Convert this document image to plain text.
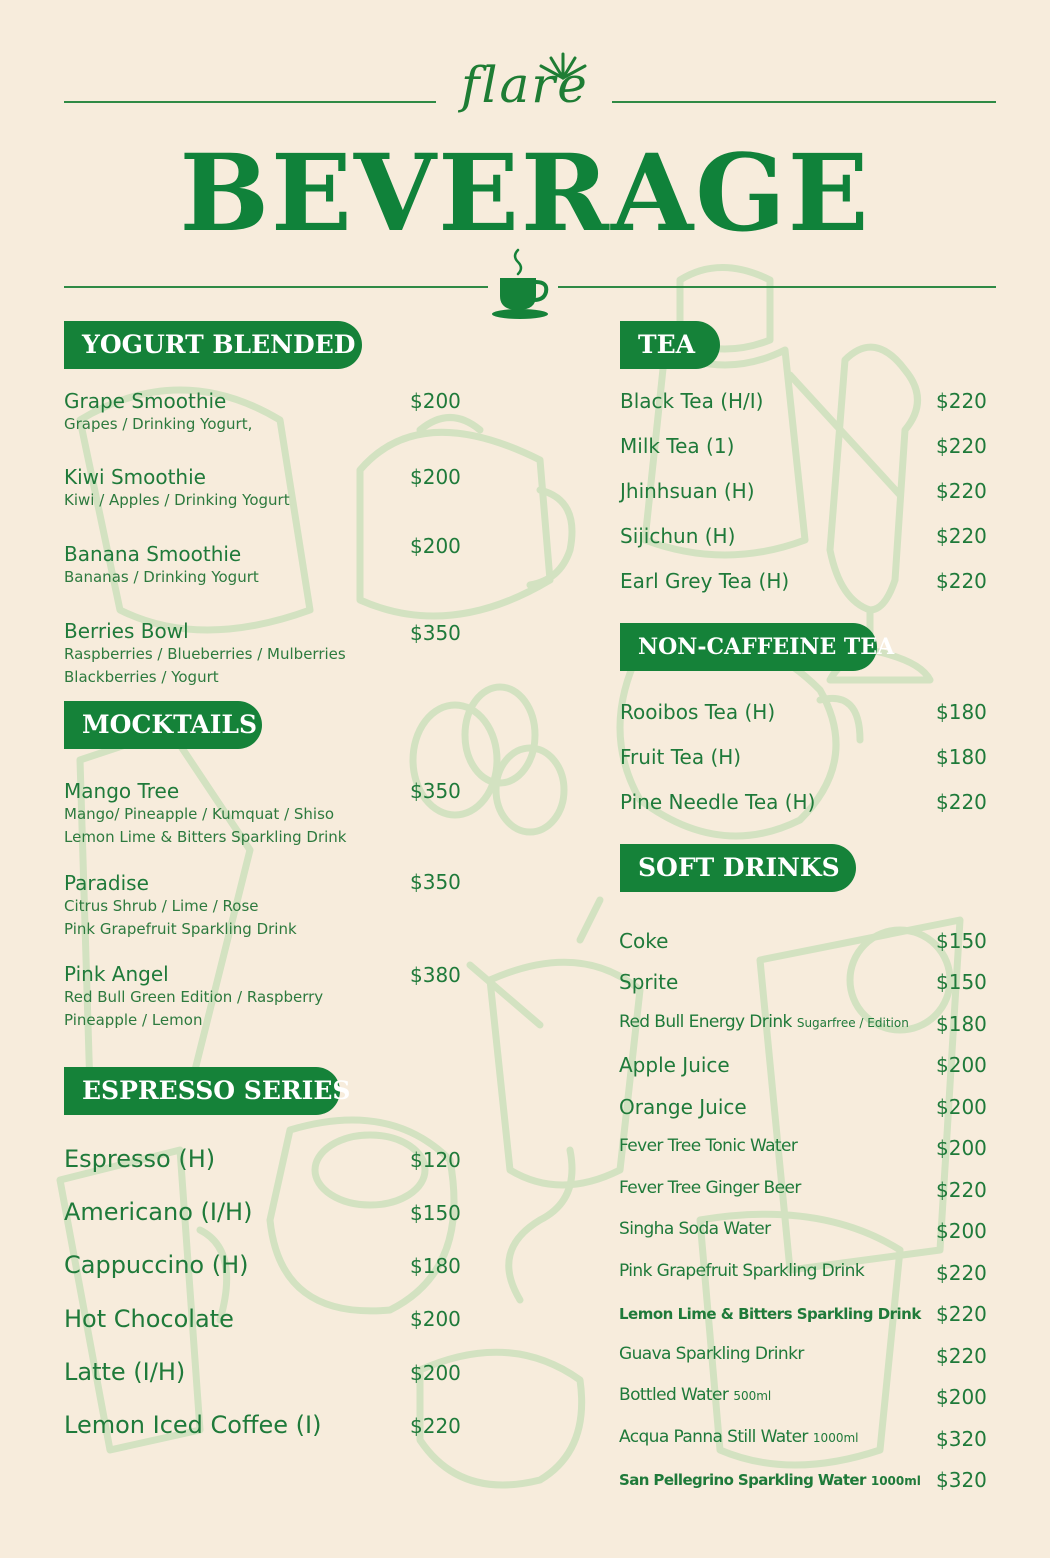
flare
BEVERAGE
YOGURT BLENDED
Grape Smoothie
Grapes / Drinking Yogurt,
$200
Kiwi Smoothie
Kiwi / Apples / Drinking Yogurt
$200
Banana Smoothie
Bananas / Drinking Yogurt
$200
Berries Bowl
Raspberries / Blueberries / Mulberries
Blackberries / Yogurt
$350
MOCKTAILS
Mango Tree
Mango/ Pineapple / Kumquat / Shiso
Lemon Lime & Bitters Sparkling Drink
$350
Paradise
Citrus Shrub / Lime / Rose
Pink Grapefruit Sparkling Drink
$350
Pink Angel
Red Bull Green Edition / Raspberry
Pineapple / Lemon
$380
ESPRESSO SERIES
Espresso (H)	$120
Americano (I/H)	$150
Cappuccino (H)	$180
Hot Chocolate	$200
Latte (I/H)	$200
Lemon Iced Coffee (I)	$220
TEA
Black Tea (H/I)	$220
Milk Tea (1)	$220
Jhinhsuan (H)	$220
Sijichun (H)	$220
Earl Grey Tea (H)	$220
NON-CAFFEINE TEA
Rooibos Tea (H)	$180
Fruit Tea (H)	$180
Pine Needle Tea (H)	$220
SOFT DRINKS
Coke	$150
Sprite	$150
Red Bull Energy Drink Sugarfree / Edition $180
Apple Juice	$200
Orange Juice	$200
Fever Tree Tonic Water	$200
Fever Tree Ginger Beer	$220
Singha Soda Water	$200
Pink Grapefruit Sparkling Drink	$220
Lemon Lime & Bitters Sparkling Drink $220
Guava Sparkling Drinkr	$220
Bottled Water 500ml	$200
Acqua Panna Still Water 1000ml	$320
San Pellegrino Sparkling Water 1000ml $320
